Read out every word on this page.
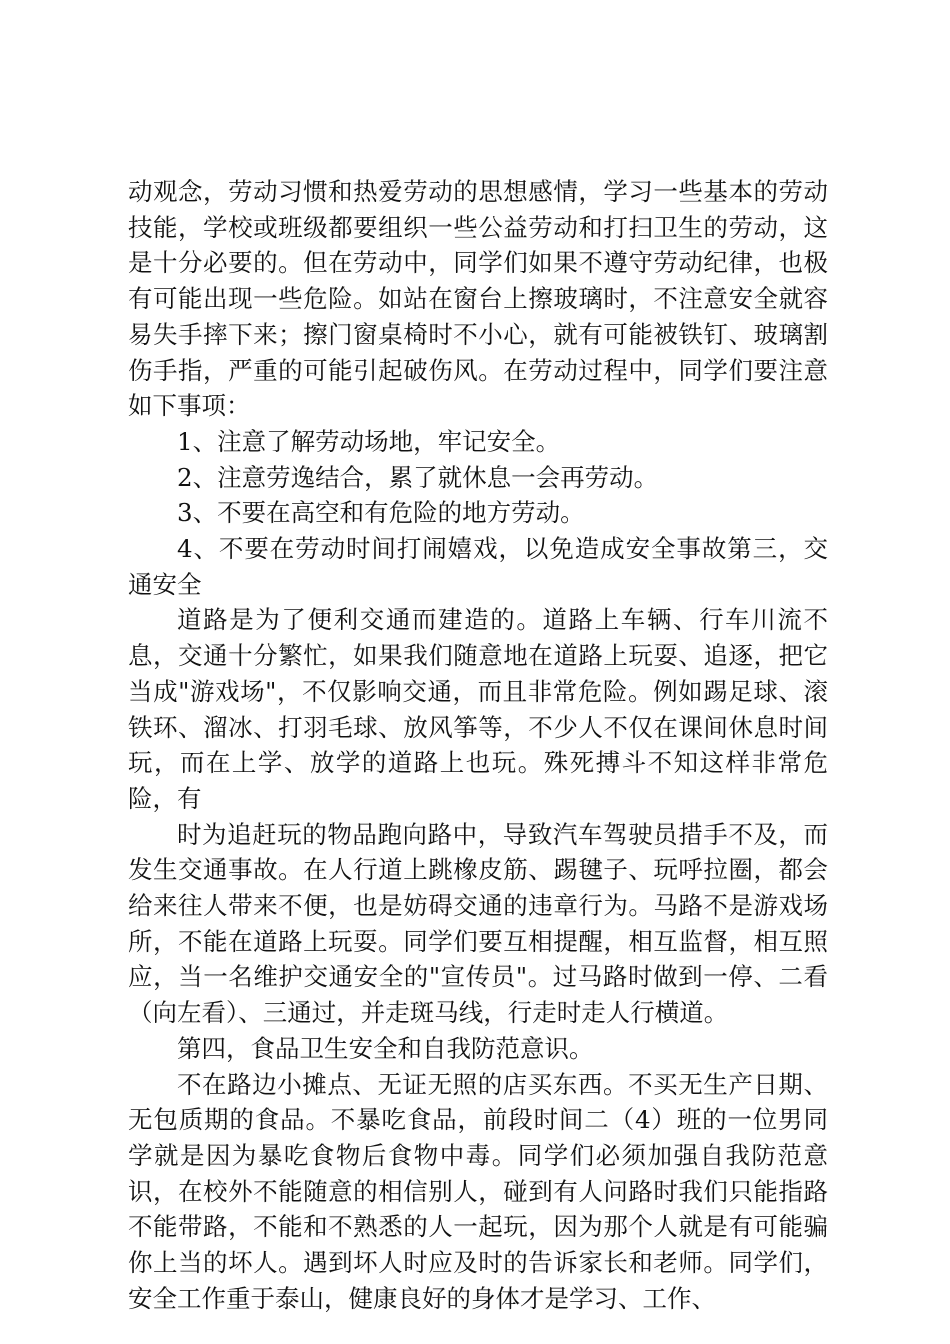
动观念，劳动习惯和热爱劳动的思想感情，学习一些基本的劳动技能，学校或班级都要组织一些公益劳动和打扫卫生的劳动，这是十分必要的。但在劳动中，同学们如果不遵守劳动纪律，也极有可能出现一些危险。如站在窗台上擦玻璃时，不注意安全就容易失手摔下来；擦门窗桌椅时不小心，就有可能被铁钉、玻璃割伤手指，严重的可能引起破伤风。在劳动过程中，同学们要注意如下事项：

1、注意了解劳动场地，牢记安全。

2、注意劳逸结合，累了就休息一会再劳动。

3、不要在高空和有危险的地方劳动。

4、不要在劳动时间打闹嬉戏，以免造成安全事故第三，交通安全

道路是为了便利交通而建造的。道路上车辆、行车川流不息，交通十分繁忙，如果我们随意地在道路上玩耍、追逐，把它当成"游戏场"，不仅影响交通，而且非常危险。例如踢足球、滚铁环、溜冰、打羽毛球、放风筝等，不少人不仅在课间休息时间玩，而在上学、放学的道路上也玩。殊死搏斗不知这样非常危险，有

时为追赶玩的物品跑向路中，导致汽车驾驶员措手不及，而发生交通事故。在人行道上跳橡皮筋、踢毽子、玩呼拉圈，都会给来往人带来不便，也是妨碍交通的违章行为。马路不是游戏场所，不能在道路上玩耍。同学们要互相提醒，相互监督，相互照应，当一名维护交通安全的"宣传员"。过马路时做到一停、二看（向左看）、三通过，并走斑马线，行走时走人行横道。

第四，食品卫生安全和自我防范意识。

不在路边小摊点、无证无照的店买东西。不买无生产日期、无包质期的食品。不暴吃食品，前段时间二（4）班的一位男同学就是因为暴吃食物后食物中毒。同学们必须加强自我防范意识，在校外不能随意的相信别人，碰到有人问路时我们只能指路不能带路，不能和不熟悉的人一起玩，因为那个人就是有可能骗你上当的坏人。遇到坏人时应及时的告诉家长和老师。同学们，安全工作重于泰山，健康良好的身体才是学习、工作、
